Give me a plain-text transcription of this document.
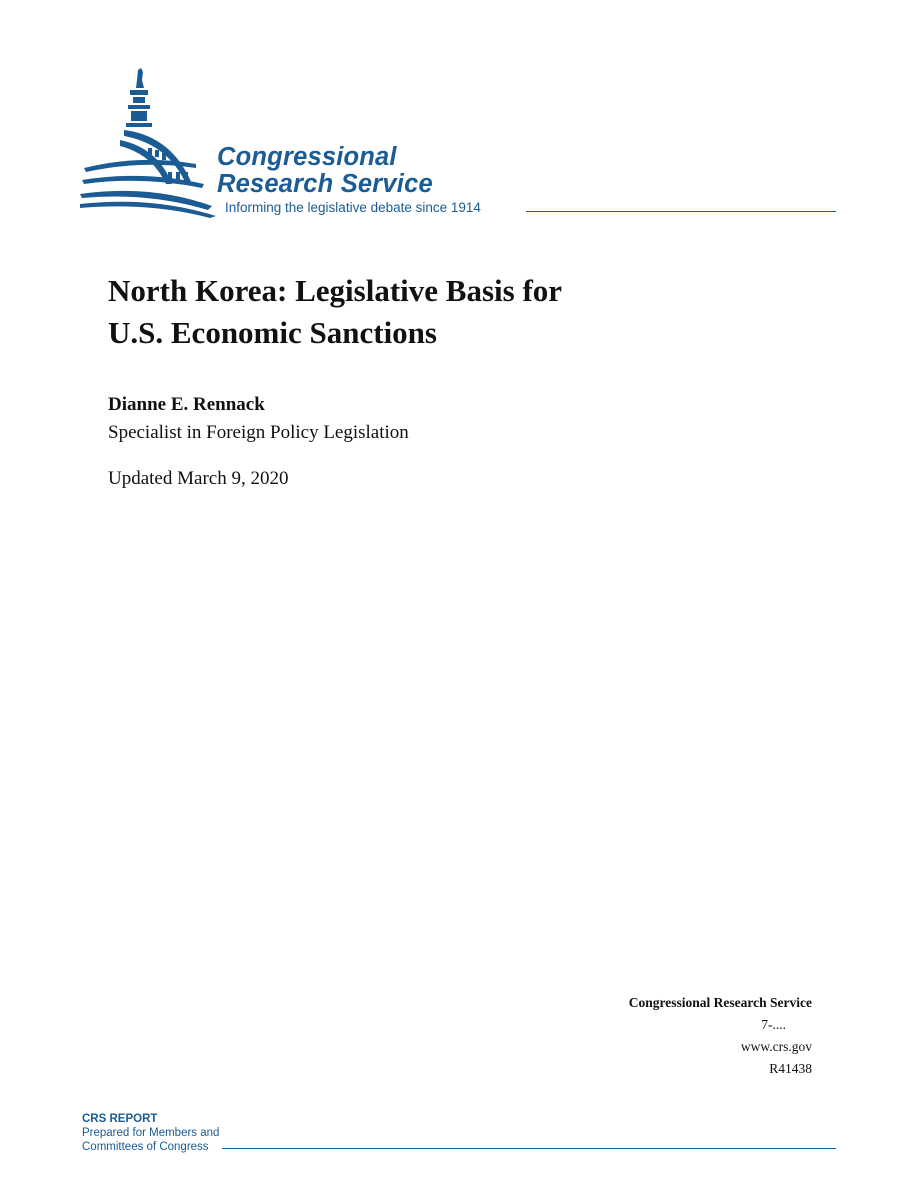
Congressional
Research Service
Informing the legislative debate since 1914
North Korea: Legislative Basis for
U.S. Economic Sanctions
Dianne E. Rennack
Specialist in Foreign Policy Legislation
Updated March 9, 2020
Congressional Research Service
7-....
www.crs.gov
R41438
CRS REPORT
Prepared for Members and
Committees of Congress
